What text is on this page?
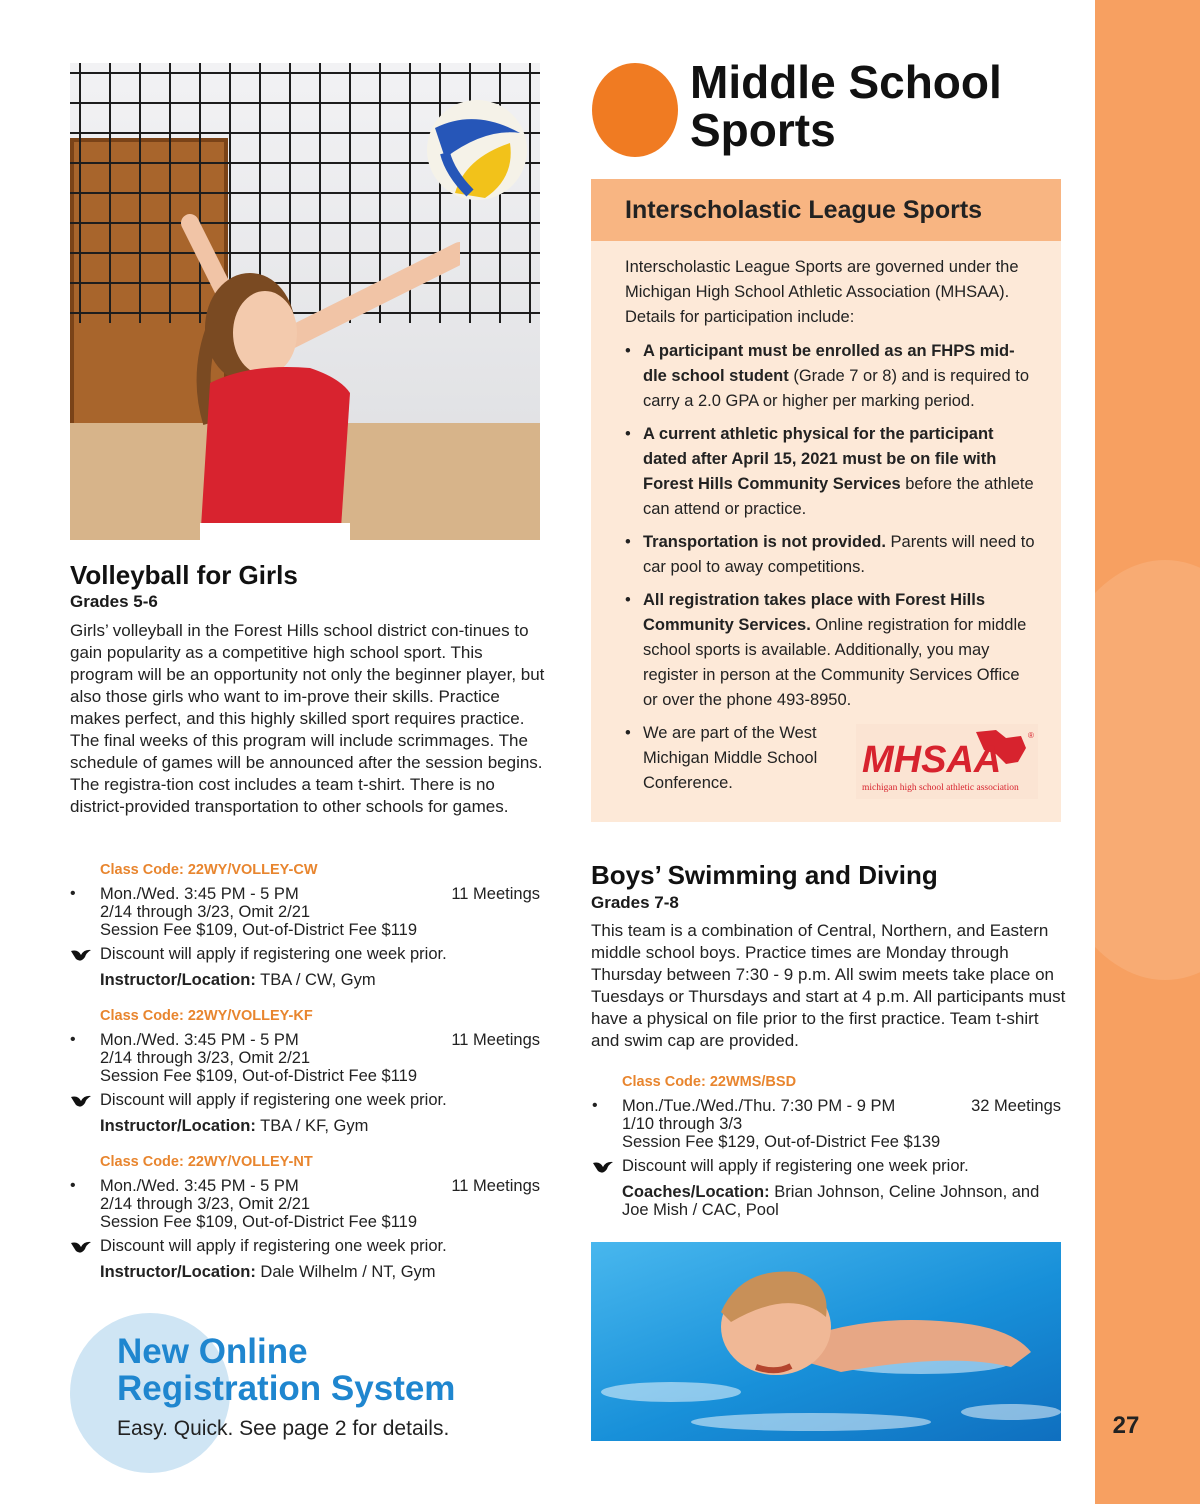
27
Volleyball for Girls
Grades 5-6
Girls’ volleyball in the Forest Hills school district con-tinues to gain popularity as a competitive high school sport. This program will be an opportunity not only the beginner player, but also those girls who want to im-prove their skills. Practice makes perfect, and this highly skilled sport requires practice. The final weeks of this program will include scrimmages. The schedule of games will be announced after the session begins. The registra-tion cost includes a team t-shirt. There is no district-provided transportation to other schools for games.
Class Code: 22WY/VOLLEY-CW
• Mon./Wed. 3:45 PM - 5 PM	11 Meetings
2/14 through 3/23, Omit 2/21
Session Fee $109, Out-of-District Fee $119
Discount will apply if registering one week prior.
Instructor/Location: TBA / CW, Gym
Class Code: 22WY/VOLLEY-KF
• Mon./Wed. 3:45 PM - 5 PM	11 Meetings
2/14 through 3/23, Omit 2/21
Session Fee $109, Out-of-District Fee $119
Discount will apply if registering one week prior.
Instructor/Location: TBA / KF, Gym
Class Code: 22WY/VOLLEY-NT
• Mon./Wed. 3:45 PM - 5 PM	11 Meetings
2/14 through 3/23, Omit 2/21
Session Fee $109, Out-of-District Fee $119
Discount will apply if registering one week prior.
Instructor/Location: Dale Wilhelm / NT, Gym
Middle School
Sports
Interscholastic League Sports
Interscholastic League Sports are governed under the Michigan High School Athletic Association (MHSAA). Details for participation include:
• A participant must be enrolled as an FHPS mid-dle school student (Grade 7 or 8) and is required to carry a 2.0 GPA or higher per marking period.
• A current athletic physical for the participant dated after April 15, 2021 must be on file with Forest Hills Community Services before the athlete can attend or practice.
• Transportation is not provided. Parents will need to car pool to away competitions.
• All registration takes place with Forest Hills Community Services. Online registration for middle school sports is available. Additionally, you may register in person at the Community Services Office or over the phone 493-8950.
• We are part of the West Michigan Middle School Conference.
MHSAA
michigan high school athletic association
®
Boys’ Swimming and Diving
Grades 7-8
This team is a combination of Central, Northern, and Eastern middle school boys. Practice times are Monday through Thursday between 7:30 - 9 p.m. All swim meets take place on Tuesdays or Thursdays and start at 4 p.m. All participants must have a physical on file prior to the first practice. Team t-shirt and swim cap are provided.
Class Code: 22WMS/BSD
• Mon./Tue./Wed./Thu. 7:30 PM - 9 PM	32 Meetings
1/10 through 3/3
Session Fee $129, Out-of-District Fee $139
Discount will apply if registering one week prior.
Coaches/Location: Brian Johnson, Celine Johnson, and Joe Mish / CAC, Pool
New Online
Registration System
Easy. Quick. See page 2 for details.
